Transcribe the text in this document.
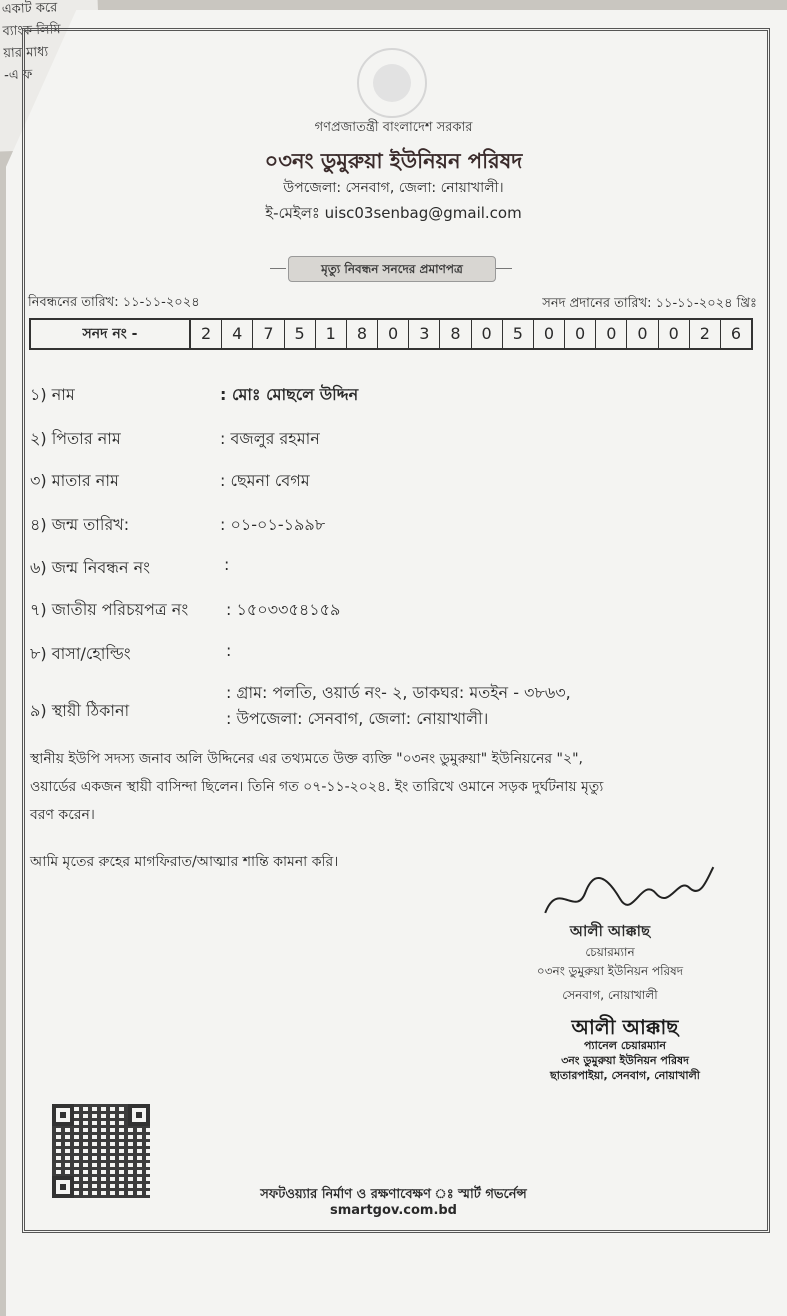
একাট করে
ব্যাংক লিমি
য়ার মাধ্য
-এ ফ
গণপ্রজাতন্ত্রী বাংলাদেশ সরকার
০৩নং ডুমুরুয়া ইউনিয়ন পরিষদ
উপজেলা: সেনবাগ, জেলা: নোয়াখালী।
ই-মেইলঃ uisc03senbag@gmail.com
মৃত্যু নিবন্ধন সনদের প্রমাণপত্র
নিবন্ধনের তারিখ: ১১-১১-২০২৪	সনদ প্রদানের তারিখ: ১১-১১-২০২৪ খ্রিঃ
সনদ নং -	2	4	7	5	1	8	0	3	8	0	5	0	0	0	0	0	2	6
১) নাম	: মোঃ মোছলে উদ্দিন
২) পিতার নাম	: বজলুর রহমান
৩) মাতার নাম	: ছেমনা বেগম
৪) জন্ম তারিখ:	: ০১-০১-১৯৯৮
৬) জন্ম নিবন্ধন নং	:
৭) জাতীয় পরিচয়পত্র নং : ১৫০৩৩৫৪১৫৯
৮) বাসা/হোল্ডিং	:
৯) স্থায়ী ঠিকানা
: গ্রাম: পলতি, ওয়ার্ড নং- ২, ডাকঘর: মতইন - ৩৮৬৩,
: উপজেলা: সেনবাগ, জেলা: নোয়াখালী।
স্থানীয় ইউপি সদস্য জনাব অলি উদ্দিনের এর তথ্যমতে উক্ত ব্যক্তি "০৩নং ডুমুরুয়া" ইউনিয়নের "২",
ওয়ার্ডের একজন স্থায়ী বাসিন্দা ছিলেন। তিনি গত ০৭-১১-২০২৪. ইং তারিখে ওমানে সড়ক দুর্ঘটনায় মৃত্যু
বরণ করেন।
আমি মৃতের রুহের মাগফিরাত/আত্মার শান্তি কামনা করি।
আলী আক্কাছ
চেয়ারম্যান
০৩নং ডুমুরুয়া ইউনিয়ন পরিষদ
সেনবাগ, নোয়াখালী
আলী আক্কাছ
প্যানেল চেয়ারম্যান
৩নং ডুমুরুয়া ইউনিয়ন পরিষদ
ছাতারপাইয়া, সেনবাগ, নোয়াখালী
সফটওয়্যার নির্মাণ ও রক্ষণাবেক্ষণ ঃ স্মার্ট গভর্নেন্স
smartgov.com.bd
